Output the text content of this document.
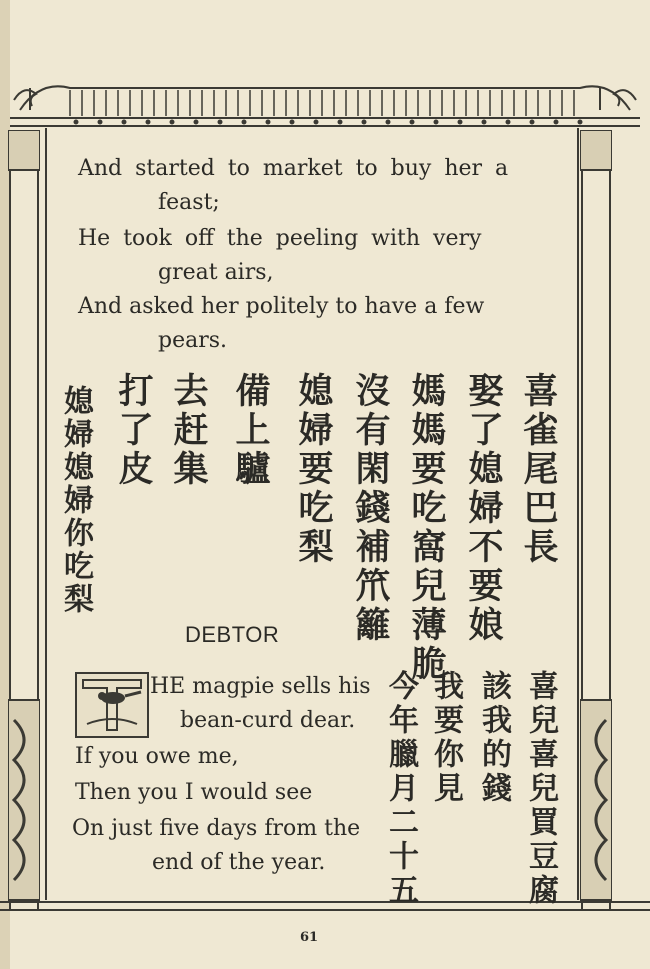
And started to market to buy her a
feast;
He took off the peeling with very
great airs,
And asked her politely to have a few
pears.
喜雀尾巴長
娶了媳婦不要娘
媽媽要吃窩兒薄脆
沒有閑錢補笊籬
媳婦要吃梨
備上驢
去赶集
打了皮
媳婦媳婦你吃梨
DEBTOR
HE magpie sells his
bean-curd dear.
If you owe me,
Then you I would see
On just five days from the
end of the year.	喜兒喜兒買豆腐
該我的錢
我要你見
今年臘月二十五
61
